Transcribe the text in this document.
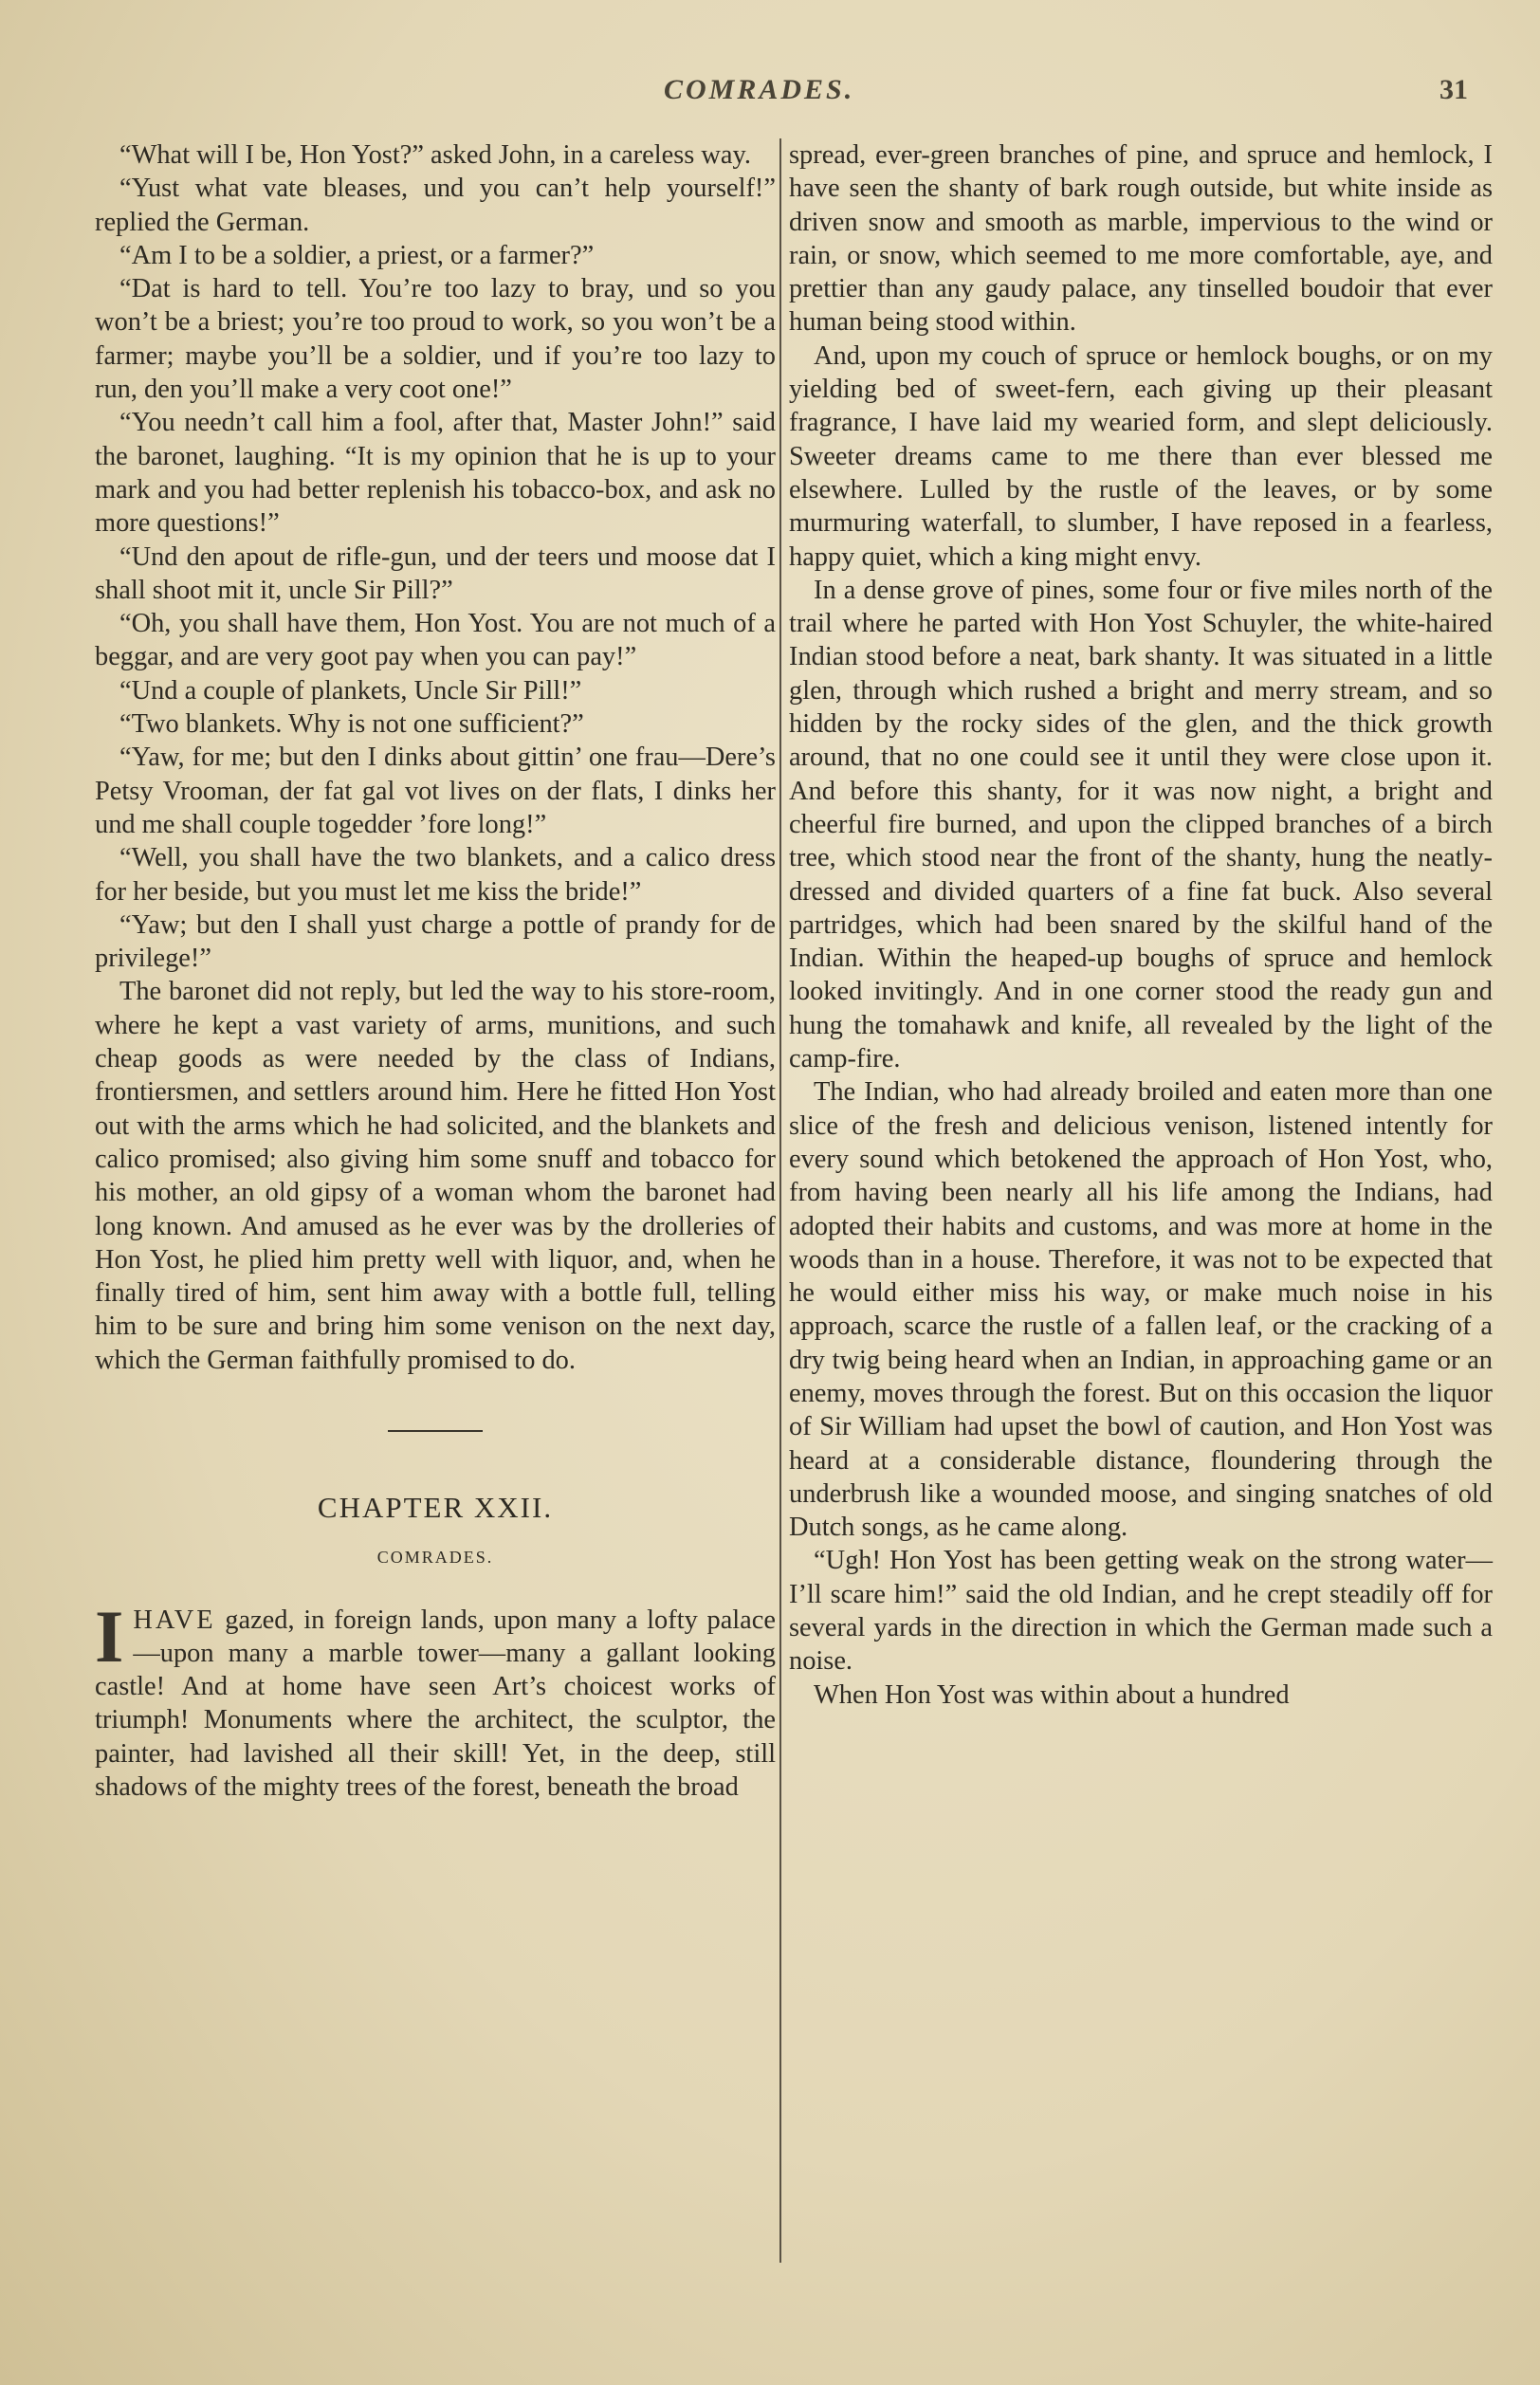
COMRADES.	31

“What will I be, Hon Yost?” asked John, in a careless way.

“Yust what vate bleases, und you can’t help yourself!” replied the German.

“Am I to be a soldier, a priest, or a farmer?”

“Dat is hard to tell. You’re too lazy to bray, und so you won’t be a briest; you’re too proud to work, so you won’t be a farmer; maybe you’ll be a soldier, und if you’re too lazy to run, den you’ll make a very coot one!”

“You needn’t call him a fool, after that, Master John!” said the baronet, laughing. “It is my opinion that he is up to your mark and you had better replenish his tobacco-box, and ask no more questions!”

“Und den apout de rifle-gun, und der teers und moose dat I shall shoot mit it, uncle Sir Pill?”

“Oh, you shall have them, Hon Yost. You are not much of a beggar, and are very goot pay when you can pay!”

“Und a couple of plankets, Uncle Sir Pill!”

“Two blankets. Why is not one sufficient?”

“Yaw, for me; but den I dinks about gittin’ one frau—Dere’s Petsy Vrooman, der fat gal vot lives on der flats, I dinks her und me shall couple togedder ’fore long!”

“Well, you shall have the two blankets, and a calico dress for her beside, but you must let me kiss the bride!”

“Yaw; but den I shall yust charge a pottle of prandy for de privilege!”

The baronet did not reply, but led the way to his store-room, where he kept a vast variety of arms, munitions, and such cheap goods as were needed by the class of Indians, frontiersmen, and settlers around him. Here he fitted Hon Yost out with the arms which he had solicited, and the blankets and calico promised; also giving him some snuff and tobacco for his mother, an old gipsy of a woman whom the baronet had long known. And amused as he ever was by the drolleries of Hon Yost, he plied him pretty well with liquor, and, when he finally tired of him, sent him away with a bottle full, telling him to be sure and bring him some venison on the next day, which the German faithfully promised to do.

CHAPTER XXII.
COMRADES.

IHAVE gazed, in foreign lands, upon many a lofty palace—upon many a marble tower—many a gallant looking castle! And at home have seen Art’s choicest works of triumph! Monuments where the architect, the sculptor, the painter, had lavished all their skill! Yet, in the deep, still shadows of the mighty trees of the forest, beneath the broad

spread, ever-green branches of pine, and spruce and hemlock, I have seen the shanty of bark rough outside, but white inside as driven snow and smooth as marble, impervious to the wind or rain, or snow, which seemed to me more comfortable, aye, and prettier than any gaudy palace, any tinselled boudoir that ever human being stood within.

And, upon my couch of spruce or hemlock boughs, or on my yielding bed of sweet-fern, each giving up their pleasant fragrance, I have laid my wearied form, and slept deliciously. Sweeter dreams came to me there than ever blessed me elsewhere. Lulled by the rustle of the leaves, or by some murmuring waterfall, to slumber, I have reposed in a fearless, happy quiet, which a king might envy.

In a dense grove of pines, some four or five miles north of the trail where he parted with Hon Yost Schuyler, the white-haired Indian stood before a neat, bark shanty. It was situated in a little glen, through which rushed a bright and merry stream, and so hidden by the rocky sides of the glen, and the thick growth around, that no one could see it until they were close upon it. And before this shanty, for it was now night, a bright and cheerful fire burned, and upon the clipped branches of a birch tree, which stood near the front of the shanty, hung the neatly-dressed and divided quarters of a fine fat buck. Also several partridges, which had been snared by the skilful hand of the Indian. Within the heaped-up boughs of spruce and hemlock looked invitingly. And in one corner stood the ready gun and hung the tomahawk and knife, all revealed by the light of the camp-fire.

The Indian, who had already broiled and eaten more than one slice of the fresh and delicious venison, listened intently for every sound which betokened the approach of Hon Yost, who, from having been nearly all his life among the Indians, had adopted their habits and customs, and was more at home in the woods than in a house. Therefore, it was not to be expected that he would either miss his way, or make much noise in his approach, scarce the rustle of a fallen leaf, or the cracking of a dry twig being heard when an Indian, in approaching game or an enemy, moves through the forest. But on this occasion the liquor of Sir William had upset the bowl of caution, and Hon Yost was heard at a considerable distance, floundering through the underbrush like a wounded moose, and singing snatches of old Dutch songs, as he came along.

“Ugh! Hon Yost has been getting weak on the strong water—I’ll scare him!” said the old Indian, and he crept steadily off for several yards in the direction in which the German made such a noise.

When Hon Yost was within about a hundred
